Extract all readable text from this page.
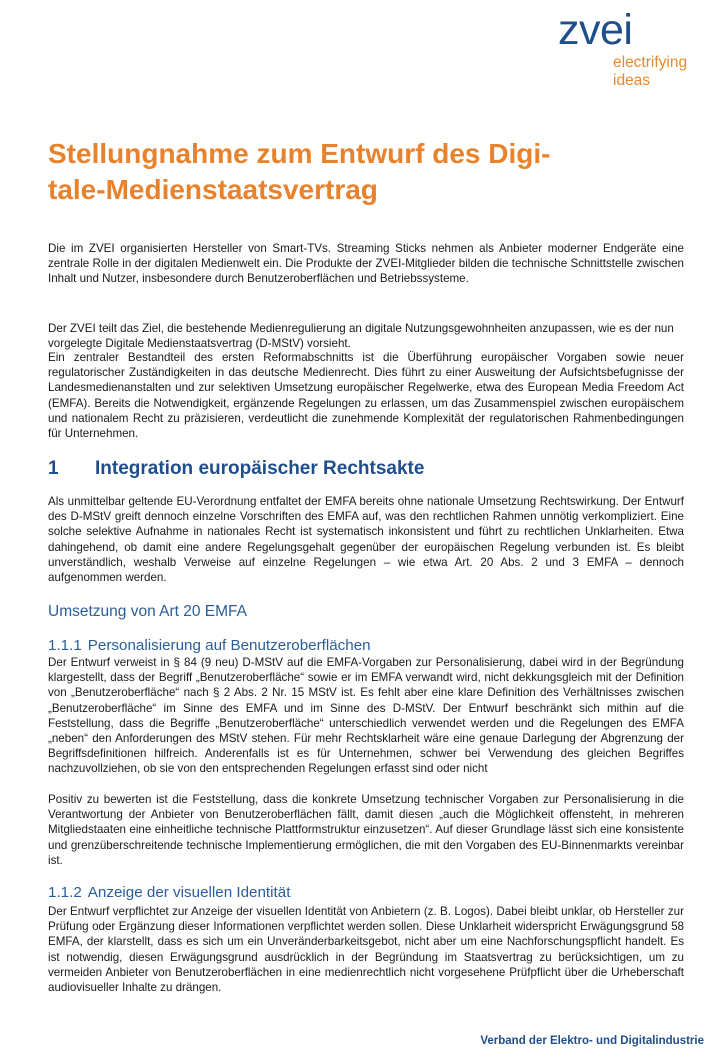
zvei
electrifying
ideas
Stellungnahme zum Entwurf des Digi-
tale-Medienstaatsvertrag

Die im ZVEI organisierten Hersteller von Smart-TVs. Streaming Sticks nehmen als Anbieter moderner Endgeräte eine zentrale Rolle in der digitalen Medienwelt ein. Die Produkte der ZVEI-Mitglieder bilden die technische Schnittstelle zwischen Inhalt und Nutzer, insbesondere durch Benutzeroberflächen und Betriebssysteme.

Der ZVEI teilt das Ziel, die bestehende Medienregulierung an digitale Nutzungsgewohnheiten anzupassen, wie es der nun vorgelegte Digitale Medienstaatsvertrag (D-MStV) vorsieht.

Ein zentraler Bestandteil des ersten Reformabschnitts ist die Überführung europäischer Vorgaben sowie neuer regulatorischer Zuständigkeiten in das deutsche Medienrecht. Dies führt zu einer Ausweitung der Aufsichtsbefugnisse der Landesmedienanstalten und zur selektiven Umsetzung europäischer Regelwerke, etwa des European Media Freedom Act (EMFA). Bereits die Notwendigkeit, ergänzende Regelungen zu erlassen, um das Zusammenspiel zwischen europäischem und nationalem Recht zu präzisieren, verdeutlicht die zunehmende Komplexität der regulatorischen Rahmenbedingungen für Unternehmen.

1 Integration europäischer Rechtsakte

Als unmittelbar geltende EU-Verordnung entfaltet der EMFA bereits ohne nationale Umsetzung Rechtswirkung. Der Entwurf des D-MStV greift dennoch einzelne Vorschriften des EMFA auf, was den rechtlichen Rahmen unnötig verkompliziert. Eine solche selektive Aufnahme in nationales Recht ist systematisch inkonsistent und führt zu rechtlichen Unklarheiten. Etwa dahingehend, ob damit eine andere Regelungsgehalt gegenüber der europäischen Regelung verbunden ist. Es bleibt unverständlich, weshalb Verweise auf einzelne Regelungen – wie etwa Art. 20 Abs. 2 und 3 EMFA – dennoch aufgenommen werden.

Umsetzung von Art 20 EMFA
1.1.1 Personalisierung auf Benutzeroberflächen

Der Entwurf verweist in § 84 (9 neu) D-MStV auf die EMFA-Vorgaben zur Personalisierung, dabei wird in der Begründung klargestellt, dass der Begriff „Benutzeroberfläche“ sowie er im EMFA verwandt wird, nicht dekkungsgleich mit der Definition von „Benutzeroberfläche“ nach § 2 Abs. 2 Nr. 15 MStV ist. Es fehlt aber eine klare Definition des Verhältnisses zwischen „Benutzeroberfläche“ im Sinne des EMFA und im Sinne des D-MStV. Der Entwurf beschränkt sich mithin auf die Feststellung, dass die Begriffe „Benutzeroberfläche“ unterschiedlich verwendet werden und die Regelungen des EMFA „neben“ den Anforderungen des MStV stehen. Für mehr Rechtsklarheit wäre eine genaue Darlegung der Abgrenzung der Begriffsdefinitionen hilfreich. Anderenfalls ist es für Unternehmen, schwer bei Verwendung des gleichen Begriffes nachzuvollziehen, ob sie von den entsprechenden Regelungen erfasst sind oder nicht

Positiv zu bewerten ist die Feststellung, dass die konkrete Umsetzung technischer Vorgaben zur Personalisierung in die Verantwortung der Anbieter von Benutzeroberflächen fällt, damit diesen „auch die Möglichkeit offensteht, in mehreren Mitgliedstaaten eine einheitliche technische Plattformstruktur einzusetzen“. Auf dieser Grundlage lässt sich eine konsistente und grenzüberschreitende technische Implementierung ermöglichen, die mit den Vorgaben des EU-Binnenmarkts vereinbar ist.

1.1.2 Anzeige der visuellen Identität

Der Entwurf verpflichtet zur Anzeige der visuellen Identität von Anbietern (z. B. Logos). Dabei bleibt unklar, ob Hersteller zur Prüfung oder Ergänzung dieser Informationen verpflichtet werden sollen. Diese Unklarheit widerspricht Erwägungsgrund 58 EMFA, der klarstellt, dass es sich um ein Unveränderbarkeitsgebot, nicht aber um eine Nachforschungspflicht handelt. Es ist notwendig, diesen Erwägungsgrund ausdrücklich in der Begründung im Staatsvertrag zu berücksichtigen, um zu vermeiden Anbieter von Benutzeroberflächen in eine medienrechtlich nicht vorgesehene Prüfpflicht über die Urheberschaft audiovisueller Inhalte zu drängen.

Verband der Elektro- und Digitalindustrie
